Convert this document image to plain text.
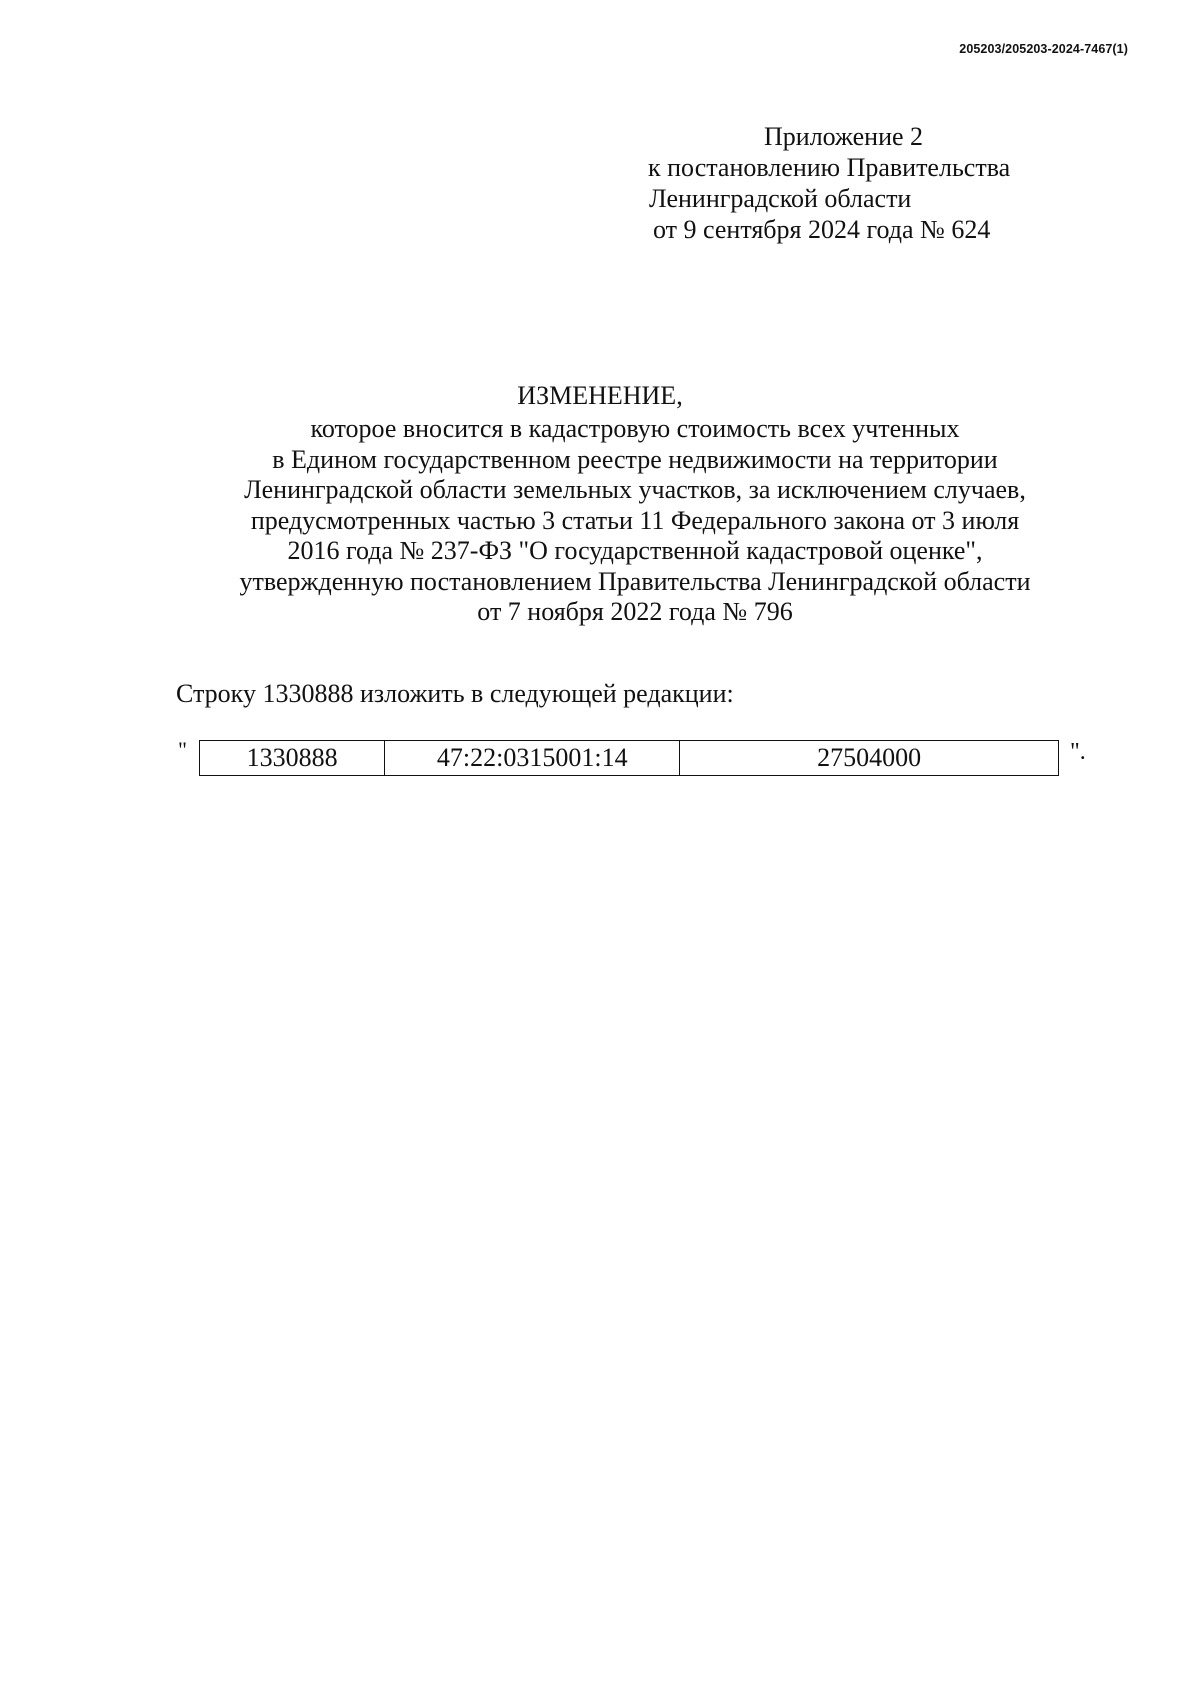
205203/205203-2024-7467(1)
Приложение 2
к постановлению Правительства
Ленинградской области
от 9 сентября 2024 года № 624
ИЗМЕНЕНИЕ,
которое вносится в кадастровую стоимость всех учтенных
в Едином государственном реестре недвижимости на территории
Ленинградской области земельных участков, за исключением случаев,
предусмотренных частью 3 статьи 11 Федерального закона от 3 июля
2016 года № 237-ФЗ "О государственной кадастровой оценке",
утвержденную постановлением Правительства Ленинградской области
от 7 ноября 2022 года № 796
Строку 1330888 изложить в следующей редакции:
" 1330888	47:22:0315001:14	27504000	".
